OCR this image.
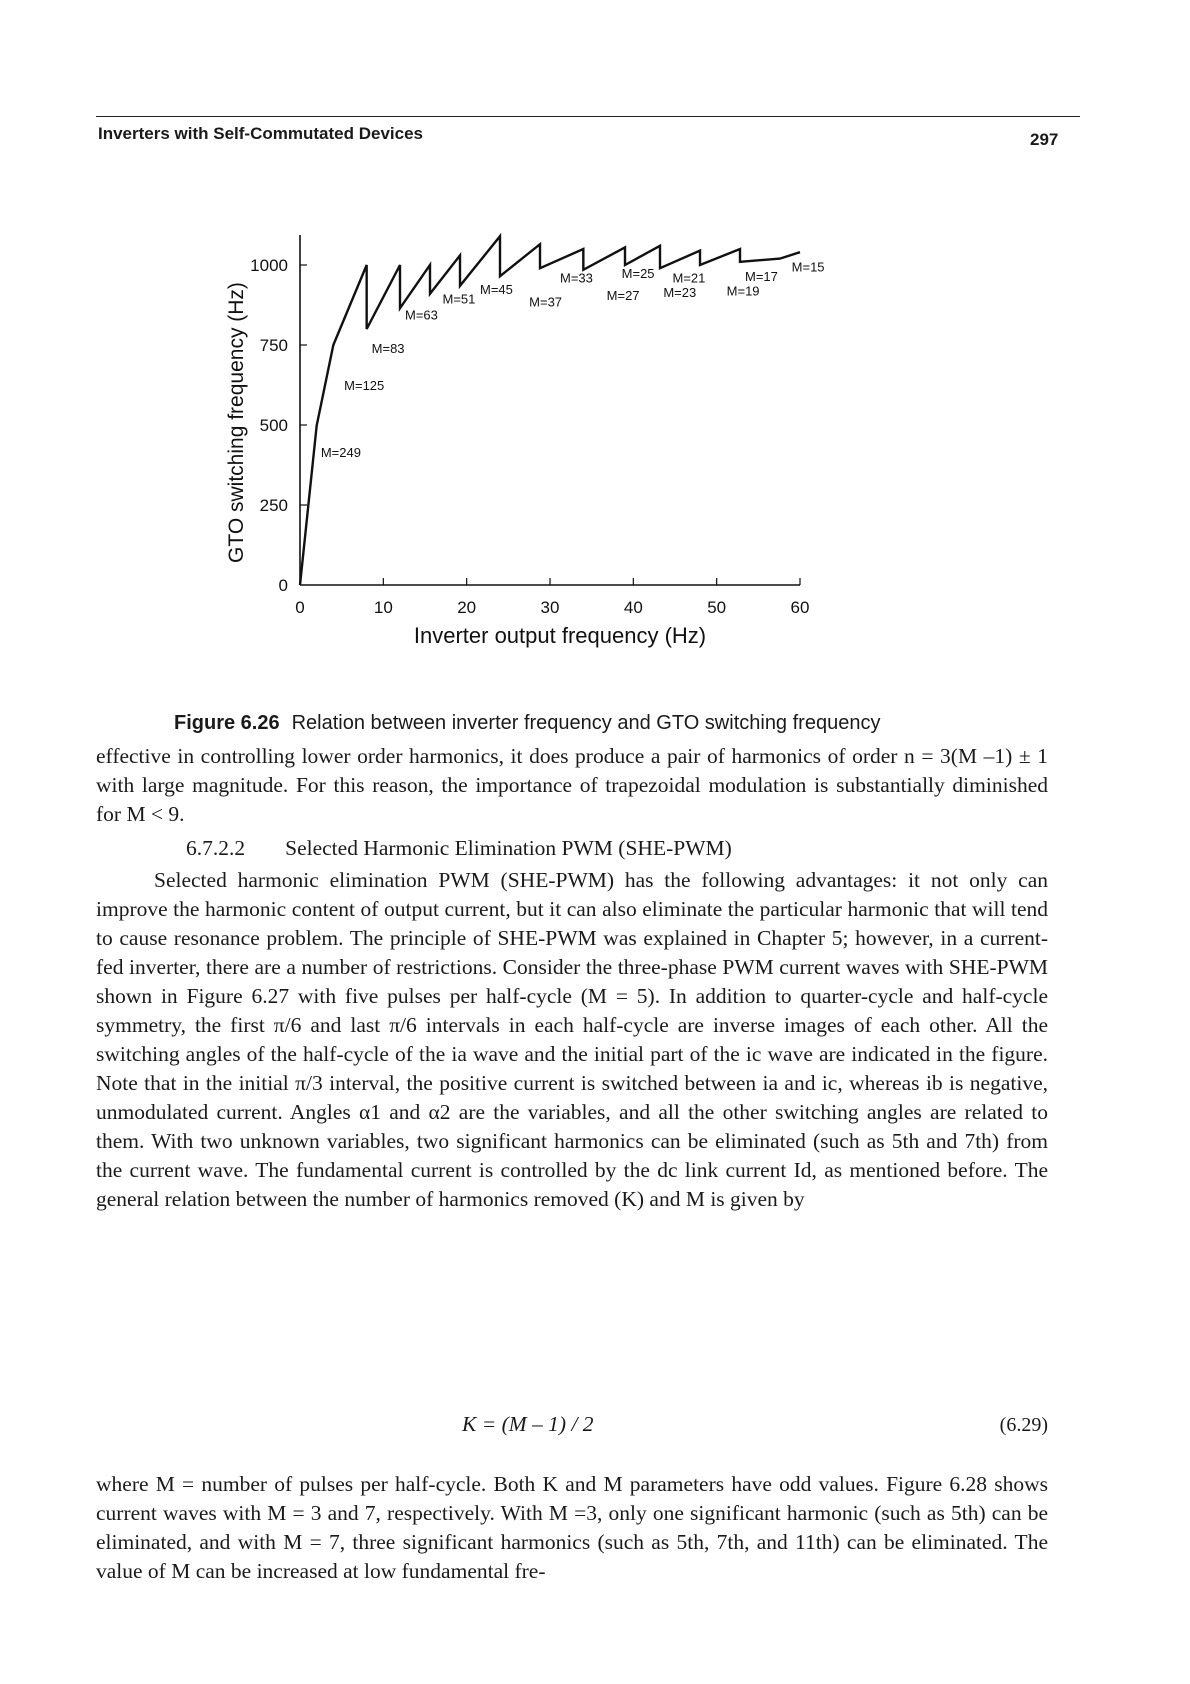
Inverters with Self-Commutated Devices	297
0	10	20	30	40	50	60
0
250
500
750
1000
Inverter output frequency (Hz)
GTO switching frequency (Hz)	M=249
M=125
M=83
M=63
M=51
M=45
M=37
M=33
M=27
M=25
M=23
M=21
M=19
M=17
M=15
Figure 6.26 Relation between inverter frequency and GTO switching frequency

effective in controlling lower order harmonics, it does produce a pair of harmonics of order n = 3(M –1) ± 1 with large magnitude. For this reason, the importance of trapezoidal modulation is substantially diminished for M < 9.

6.7.2.2 Selected Harmonic Elimination PWM (SHE-PWM)

Selected harmonic elimination PWM (SHE-PWM) has the following advantages: it not only can improve the harmonic content of output current, but it can also eliminate the particular harmonic that will tend to cause resonance problem. The principle of SHE-PWM was explained in Chapter 5; however, in a current-fed inverter, there are a number of restrictions. Consider the three-phase PWM current waves with SHE-PWM shown in Figure 6.27 with five pulses per half-cycle (M = 5). In addition to quarter-cycle and half-cycle symmetry, the first π/6 and last π/6 intervals in each half-cycle are inverse images of each other. All the switching angles of the half-cycle of the ia wave and the initial part of the ic wave are indicated in the figure. Note that in the initial π/3 interval, the positive current is switched between ia and ic, whereas ib is negative, unmodulated current. Angles α1 and α2 are the variables, and all the other switching angles are related to them. With two unknown variables, two significant harmonics can be eliminated (such as 5th and 7th) from the current wave. The fundamental current is controlled by the dc link current Id, as mentioned before. The general relation between the number of harmonics removed (K) and M is given by

K = (M – 1) / 2	(6.29)

where M = number of pulses per half-cycle. Both K and M parameters have odd values. Figure 6.28 shows current waves with M = 3 and 7, respectively. With M =3, only one significant harmonic (such as 5th) can be eliminated, and with M = 7, three significant harmonics (such as 5th, 7th, and 11th) can be eliminated. The value of M can be increased at low fundamental fre-
